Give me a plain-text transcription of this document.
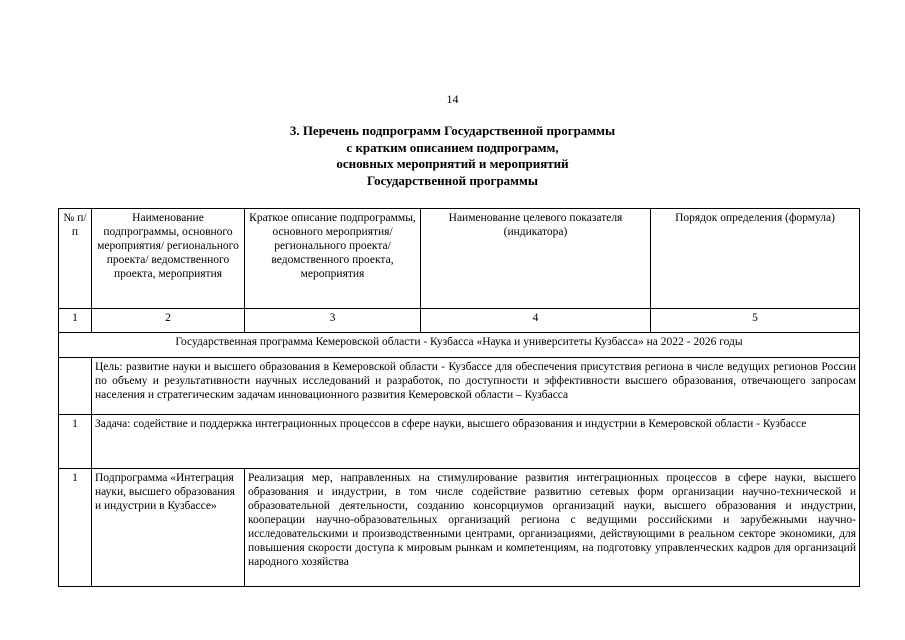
14
3. Перечень подпрограмм Государственной программы
с кратким описанием подпрограмм,
основных мероприятий и мероприятий
Государственной программы
№ п/п	Наименование подпрограммы, основного мероприятия/ регионального проекта/ ведомственного проекта, мероприятия	Краткое описание подпрограммы, основного мероприятия/ регионального проекта/ ведомственного проекта, мероприятия	Наименование целевого показателя (индикатора)	Порядок определения (формула)
1	2	3	4	5
Государственная программа Кемеровской области - Кузбасса «Наука и университеты Кузбасса» на 2022 - 2026 годы				
	Цель: развитие науки и высшего образования в Кемеровской области - Кузбассе для обеспечения присутствия региона в числе ведущих регионов России по объему и результативности научных исследований и разработок, по доступности и эффективности высшего образования, отвечающего запросам населения и стратегическим задачам инновационного развития Кемеровской области – Кузбасса			
1	Задача: содействие и поддержка интеграционных процессов в сфере науки, высшего образования и индустрии в Кемеровской области - Кузбассе			
1	Подпрограмма «Интеграция науки, высшего образования и индустрии в Кузбассе»	Реализация мер, направленных на стимулирование развития интеграционных процессов в сфере науки, высшего образования и индустрии, в том числе содействие развитию сетевых форм организации научно-технической и образовательной деятельности, созданию консорциумов организаций науки, высшего образования и индустрии, кооперации научно-образовательных организаций региона с ведущими российскими и зарубежными научно-исследовательскими и производственными центрами, организациями, действующими в реальном секторе экономики, для повышения скорости доступа к мировым рынкам и компетенциям, на подготовку управленческих кадров для организаций народного хозяйства		
